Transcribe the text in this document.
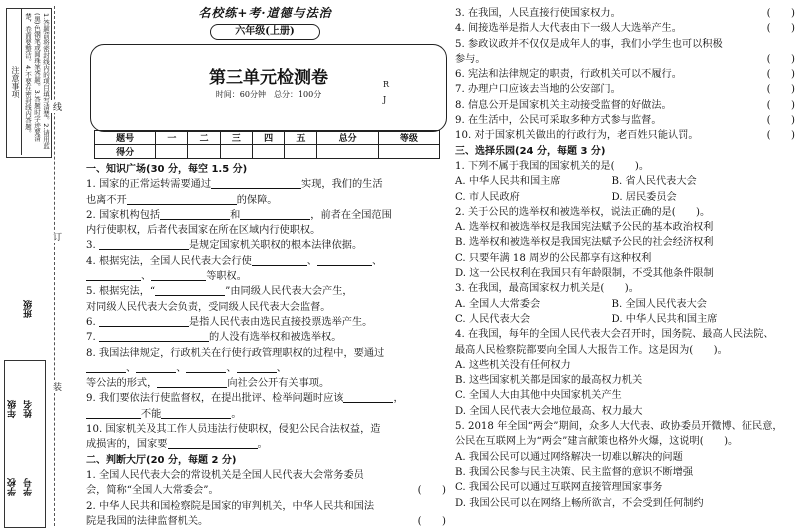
注意事项	1.答题前将密封线内的项目填写清楚。2.请用蓝(黑)色钢笔或圆珠笔答题。3.答题时字迹要清楚，卷面要整洁。4.不要在密封线内答题。	线
订
装
学校 学号
年级 姓名
班级
名校练+考·道德与法治
六年级(上册)
第三单元检测卷
时间：60分钟　总分：100分
R
J
题号	一	二	三	四	五	总分	等级
得分							
一、知识广场(30 分，每空 1.5 分)
1. 国家的正常运转需要通过	实现，我们的生活
也离不开	的保障。
2. 国家机构包括	和	，前者在全国范围
内行使职权，后者代表国家在所在区域内行使职权。
3.	是规定国家机关职权的根本法律依据。
4. 根据宪法，全国人民代表大会行使	、	、
、	等职权。
5. 根据宪法，“	”由同级人民代表大会产生，
对同级人民代表大会负责，受同级人民代表大会监督。
6.	是指人民代表由选民直接投票选举产生。
7.	的人没有选举权和被选举权。
8. 我国法律规定，行政机关在行使行政管理职权的过程中，要通过
、	、	、	、
等公法的形式，	向社会公开有关事项。
9. 我们要依法行使监督权，在提出批评、检举问题时应该	，
不能	。
10. 国家机关及其工作人员违法行使职权，侵犯公民合法权益，造
成损害的，国家要	。
二、判断大厅(20 分，每题 2 分)
1. 全国人民代表大会的常设机关是全国人民代表大会常务委员
会，简称“全国人大常委会”。	(　　)
2. 中华人民共和国检察院是国家的审判机关，中华人民共和国法
院是我国的法律监督机关。	(　　)
3. 在我国，人民直接行使国家权力。	(　　)
4. 间接选举是指人大代表由下一级人大选举产生。	(　　)
5. 参政议政并不仅仅是成年人的事，我们小学生也可以积极
参与。	(　　)
6. 宪法和法律规定的职责，行政机关可以不履行。	(　　)
7. 办理户口应该去当地的公安部门。	(　　)
8. 信息公开是国家机关主动接受监督的好做法。	(　　)
9. 在生活中，公民可采取多种方式参与监督。	(　　)
10. 对于国家机关做出的行政行为，老百姓只能认罚。	(　　)
三、选择乐园(24 分，每题 3 分)
1. 下列不属于我国的国家机关的是(　　)。
A. 中华人民共和国主席　　　　　B. 省人民代表大会
C. 市人民政府　　　　　　　　　D. 居民委员会
2. 关于公民的选举权和被选举权，说法正确的是(　　)。
A. 选举权和被选举权是我国宪法赋予公民的基本政治权利
B. 选举权和被选举权是我国宪法赋予公民的社会经济权利
C. 只要年满 18 周岁的公民都享有这种权利
D. 这一公民权利在我国只有年龄限制，不受其他条件限制
3. 在我国，最高国家权力机关是(　　)。
A. 全国人大常委会　　　　　　　B. 全国人民代表大会
C. 人民代表大会　　　　　　　　D. 中华人民共和国主席
4. 在我国，每年的全国人民代表大会召开时，国务院、最高人民法院、
最高人民检察院都要向全国人大报告工作。这是因为(　　)。
A. 这些机关没有任何权力
B. 这些国家机关都是国家的最高权力机关
C. 全国人大由其他中央国家机关产生
D. 全国人民代表大会地位最高、权力最大
5. 2018 年全国“两会”期间，众多人大代表、政协委员开微博、征民意，
公民在互联网上为“两会”建言献策也格外火爆，这说明(　　)。
A. 我国公民可以通过网络解决一切难以解决的问题
B. 我国公民参与民主决策、民主监督的意识不断增强
C. 我国公民可以通过互联网直接管理国家事务
D. 我国公民可以在网络上畅所欲言，不会受到任何制约
